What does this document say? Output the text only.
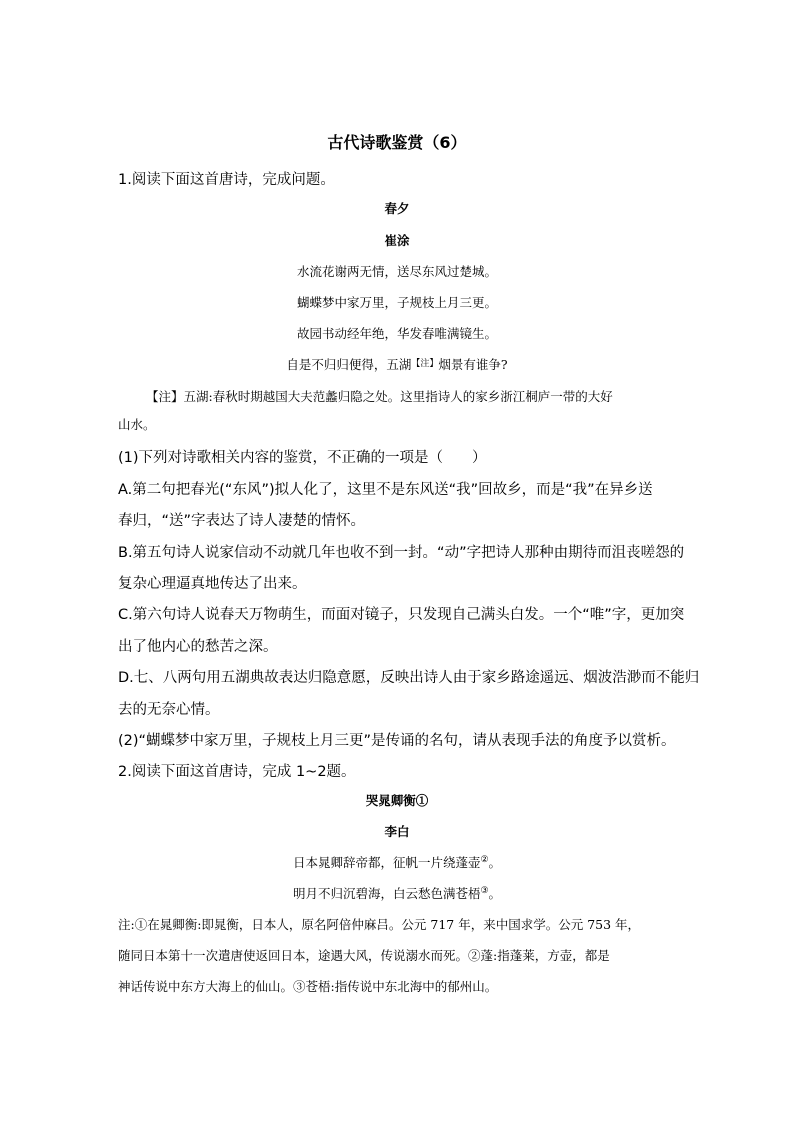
古代诗歌鉴赏（6）
1.阅读下面这首唐诗，完成问题。
春夕
崔涂
水流花谢两无情，送尽东风过楚城。
蝴蝶梦中家万里，子规枝上月三更。
故园书动经年绝，华发春唯满镜生。
自是不归归便得，五湖$^{【注】}$烟景有谁争?
【注】五湖:春秋时期越国大夫范蠡归隐之处。这里指诗人的家乡浙江桐庐一带的大好
山水。
(1)下列对诗歌相关内容的鉴赏，不正确的一项是（　　）
A.第二句把春光(“东风”)拟人化了，这里不是东风送“我”回故乡，而是“我”在异乡送
春归，“送”字表达了诗人凄楚的情怀。
B.第五句诗人说家信动不动就几年也收不到一封。“动”字把诗人那种由期待而沮丧嗟怨的
复杂心理逼真地传达了出来。
C.第六句诗人说春天万物萌生，而面对镜子，只发现自己满头白发。一个“唯”字，更加突
出了他内心的愁苦之深。
D.七、八两句用五湖典故表达归隐意愿，反映出诗人由于家乡路途遥远、烟波浩渺而不能归
去的无奈心情。
(2)“蝴蝶梦中家万里，子规枝上月三更”是传诵的名句，请从表现手法的角度予以赏析。
2.阅读下面这首唐诗，完成 1~2题。
哭晁卿衡①
李白
日本晁卿辞帝都，征帆一片绕蓬壶②。
明月不归沉碧海，白云愁色满苍梧③。
注:①在晁卿衡:即晁衡，日本人，原名阿倍仲麻吕。公元 717 年，来中国求学。公元 753 年，
随同日本第十一次遣唐使返回日本，途遇大风，传说溺水而死。②蓬:指蓬莱，方壶，都是
神话传说中东方大海上的仙山。③苍梧:指传说中东北海中的郁州山。
